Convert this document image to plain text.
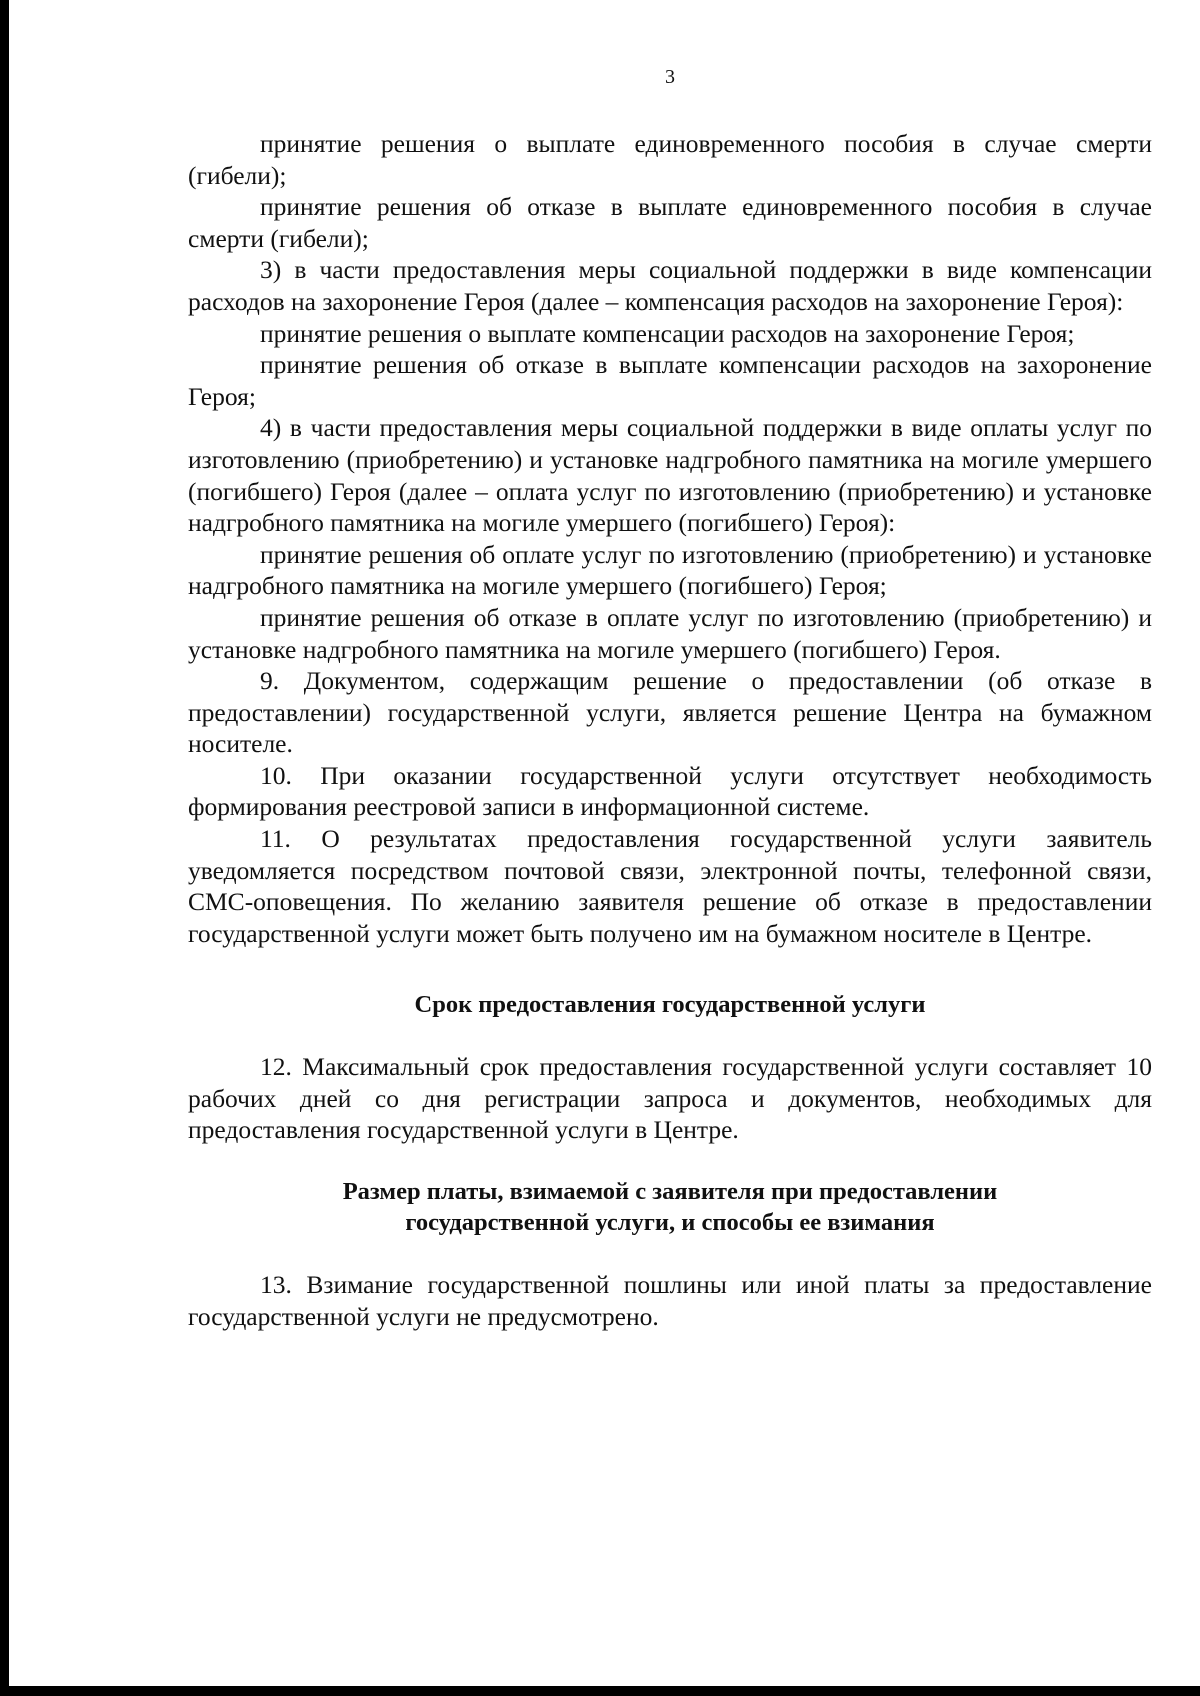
3

принятие решения о выплате единовременного пособия в случае смерти (гибели);

принятие решения об отказе в выплате единовременного пособия в случае смерти (гибели);

3) в части предоставления меры социальной поддержки в виде компенсации расходов на захоронение Героя (далее – компенсация расходов на захоронение Героя):

принятие решения о выплате компенсации расходов на захоронение Героя;

принятие решения об отказе в выплате компенсации расходов на захоронение Героя;

4) в части предоставления меры социальной поддержки в виде оплаты услуг по изготовлению (приобретению) и установке надгробного памятника на могиле умершего (погибшего) Героя (далее – оплата услуг по изготовлению (приобретению) и установке надгробного памятника на могиле умершего (погибшего) Героя):

принятие решения об оплате услуг по изготовлению (приобретению) и установке надгробного памятника на могиле умершего (погибшего) Героя;

принятие решения об отказе в оплате услуг по изготовлению (приобретению) и установке надгробного памятника на могиле умершего (погибшего) Героя.

9. Документом, содержащим решение о предоставлении (об отказе в предоставлении) государственной услуги, является решение Центра на бумажном носителе.

10. При оказании государственной услуги отсутствует необходимость формирования реестровой записи в информационной системе.

11. О результатах предоставления государственной услуги заявитель уведомляется посредством почтовой связи, электронной почты, телефонной связи, СМС-оповещения. По желанию заявителя решение об отказе в предоставлении государственной услуги может быть получено им на бумажном носителе в Центре.

Срок предоставления государственной услуги

12. Максимальный срок предоставления государственной услуги составляет 10 рабочих дней со дня регистрации запроса и документов, необходимых для предоставления государственной услуги в Центре.

Размер платы, взимаемой с заявителя при предоставлении
государственной услуги, и способы ее взимания

13. Взимание государственной пошлины или иной платы за предоставление государственной услуги не предусмотрено.
